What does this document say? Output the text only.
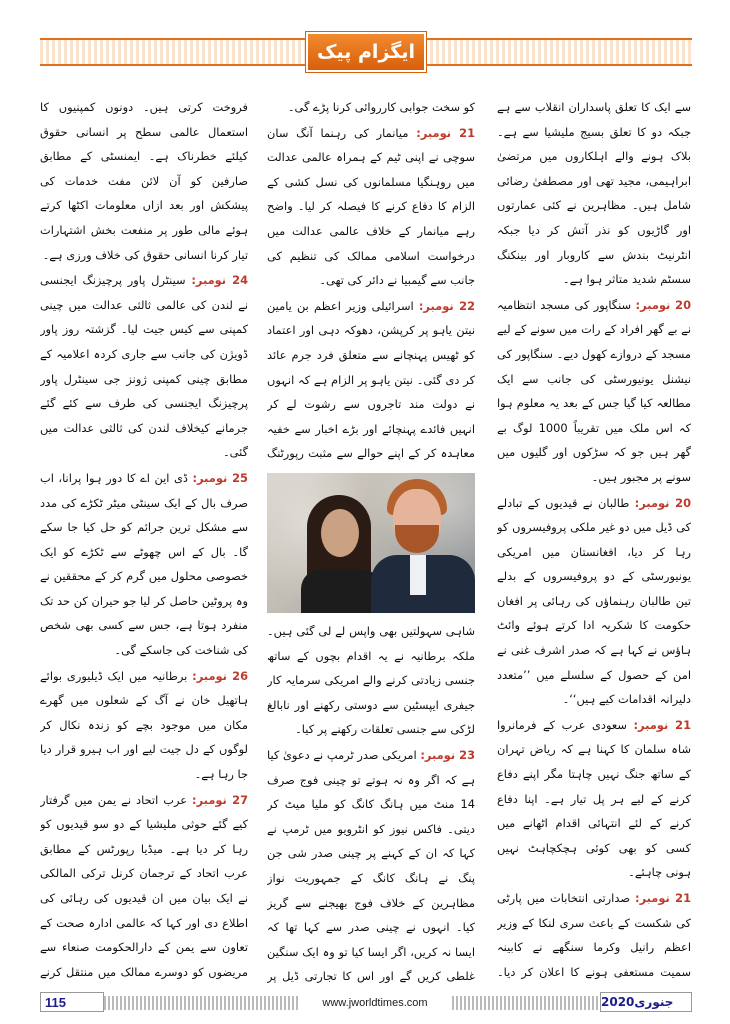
ایگزام پیک

سے ایک کا تعلق پاسداران انقلاب سے ہے جبکہ دو کا تعلق بسیج ملیشیا سے ہے۔ بلاک ہونے والے اہلکاروں میں مرتضیٰ ابراہیمی، مجید تھی اور مصطفیٰ رضائی شامل ہیں۔ مظاہرین نے کئی عمارتوں اور گاڑیوں کو نذر آتش کر دیا جبکہ انٹرنیٹ بندش سے کاروبار اور بینکنگ سسٹم شدید متاثر ہوا ہے۔

20 نومبر: سنگاپور کی مسجد انتظامیہ نے بے گھر افراد کے رات میں سونے کے لیے مسجد کے دروازے کھول دیے۔ سنگاپور کی نیشنل یونیورسٹی کی جانب سے ایک مطالعہ کیا گیا جس کے بعد یہ معلوم ہوا کہ اس ملک میں تقریباً 1000 لوگ بے گھر ہیں جو کہ سڑکوں اور گلیوں میں سونے پر مجبور ہیں۔

20 نومبر: طالبان نے قیدیوں کے تبادلے کی ڈیل میں دو غیر ملکی پروفیسروں کو رہا کر دیا، افغانستان میں امریکی یونیورسٹی کے دو پروفیسروں کے بدلے تین طالبان رہنماؤں کی رہائی پر افغان حکومت کا شکریہ ادا کرتے ہوئے وائٹ ہاؤس نے کہا ہے کہ صدر اشرف غنی نے امن کے حصول کے سلسلے میں ’’متعدد دلیرانہ اقدامات کیے ہیں‘‘۔

21 نومبر: سعودی عرب کے فرمانروا شاہ سلمان کا کہنا ہے کہ ریاض تہران کے ساتھ جنگ نہیں چاہتا مگر اپنے دفاع کرنے کے لیے ہر پل تیار ہے۔ اپنا دفاع کرنے کے لئے انتہائی اقدام اٹھانے میں کسی کو بھی کوئی ہچکچاہٹ نہیں ہونی چاہئے۔

21 نومبر: صدارتی انتخابات میں پارٹی کی شکست کے باعث سری لنکا کے وزیر اعظم رانیل وکرما سنگھے نے کابینہ سمیت مستعفی ہونے کا اعلان کر دیا۔

کو سخت جوابی کارروائی کرنا پڑے گی۔

21 نومبر: میانمار کی رہنما آنگ سان سوچی نے اپنی ٹیم کے ہمراہ عالمی عدالت میں روہنگیا مسلمانوں کی نسل کشی کے الزام کا دفاع کرنے کا فیصلہ کر لیا۔ واضح رہے میانمار کے خلاف عالمی عدالت میں درخواست اسلامی ممالک کی تنظیم کی جانب سے گیمبیا نے دائر کی تھی۔

22 نومبر: اسرائیلی وزیر اعظم بن یامین نیتن یاہو پر کرپشن، دھوکہ دہی اور اعتماد کو ٹھیس پہنچانے سے متعلق فرد جرم عائد کر دی گئی۔ نیتن یاہو پر الزام ہے کہ انہوں نے دولت مند تاجروں سے رشوت لے کر انہیں فائدے پہنچائے اور بڑے اخبار سے خفیہ معاہدہ کر کے اپنے حوالے سے مثبت رپورٹنگ

شاہی سہولتیں بھی واپس لے لی گئی ہیں۔ ملکہ برطانیہ نے یہ اقدام بچوں کے ساتھ جنسی زیادتی کرنے والے امریکی سرمایہ کار جیفری ایپسٹین سے دوستی رکھنے اور نابالغ لڑکی سے جنسی تعلقات رکھنے پر کیا۔

23 نومبر: امریکی صدر ٹرمپ نے دعویٰ کیا ہے کہ اگر وہ نہ ہوتے تو چینی فوج صرف 14 منٹ میں ہانگ کانگ کو ملیا میٹ کر دیتی۔ فاکس نیوز کو انٹرویو میں ٹرمپ نے کہا کہ ان کے کہنے پر چینی صدر شی جن پنگ نے ہانگ کانگ کے جمہوریت نواز مظاہرین کے خلاف فوج بھیجنے سے گریز کیا۔ انہوں نے چینی صدر سے کہا تھا کہ ایسا نہ کریں، اگر ایسا کیا تو وہ ایک سنگین غلطی کریں گے اور اس کا تجارتی ڈیل پر

فروخت کرتی ہیں۔ دونوں کمپنیوں کا استعمال عالمی سطح پر انسانی حقوق کیلئے خطرناک ہے۔ ایمنسٹی کے مطابق صارفین کو آن لائن مفت خدمات کی پیشکش اور بعد ازاں معلومات اکٹھا کرتے ہوئے مالی طور پر منفعت بخش اشتہارات تیار کرنا انسانی حقوق کی خلاف ورزی ہے۔

24 نومبر: سینٹرل پاور پرچیزنگ ایجنسی نے لندن کی عالمی ثالثی عدالت میں چینی کمپنی سے کیس جیت لیا۔ گزشتہ روز پاور ڈویژن کی جانب سے جاری کردہ اعلامیہ کے مطابق چینی کمپنی ژونز جی سینٹرل پاور پرچیزنگ ایجنسی کی طرف سے کئے گئے جرمانے کیخلاف لندن کی ثالثی عدالت میں گئی۔

25 نومبر: ڈی این اے کا دور ہوا پرانا، اب صرف بال کے ایک سینٹی میٹر ٹکڑے کی مدد سے مشکل ترین جرائم کو حل کیا جا سکے گا۔ بال کے اس چھوٹے سے ٹکڑے کو ایک خصوصی محلول میں گرم کر کے محققین نے وہ پروٹین حاصل کر لیا جو حیران کن حد تک منفرد ہوتا ہے، جس سے کسی بھی شخص کی شناخت کی جاسکے گی۔

26 نومبر: برطانیہ میں ایک ڈیلیوری بوائے ہاتھیل خان نے آگ کے شعلوں میں گھرے مکان میں موجود بچے کو زندہ نکال کر لوگوں کے دل جیت لیے اور اب ہیرو قرار دیا جا رہا ہے۔

27 نومبر: عرب اتحاد نے یمن میں گرفتار کیے گئے حوثی ملیشیا کے دو سو قیدیوں کو رہا کر دیا ہے۔ میڈیا رپورٹس کے مطابق عرب اتحاد کے ترجمان کرنل ترکی المالکی نے ایک بیان میں ان قیدیوں کی رہائی کی اطلاع دی اور کہا کہ عالمی ادارہ صحت کے تعاون سے یمن کے دارالحکومت صنعاء سے مریضوں کو دوسرے ممالک میں منتقل کرنے

115	www.jworldtimes.com	جنوری2020
